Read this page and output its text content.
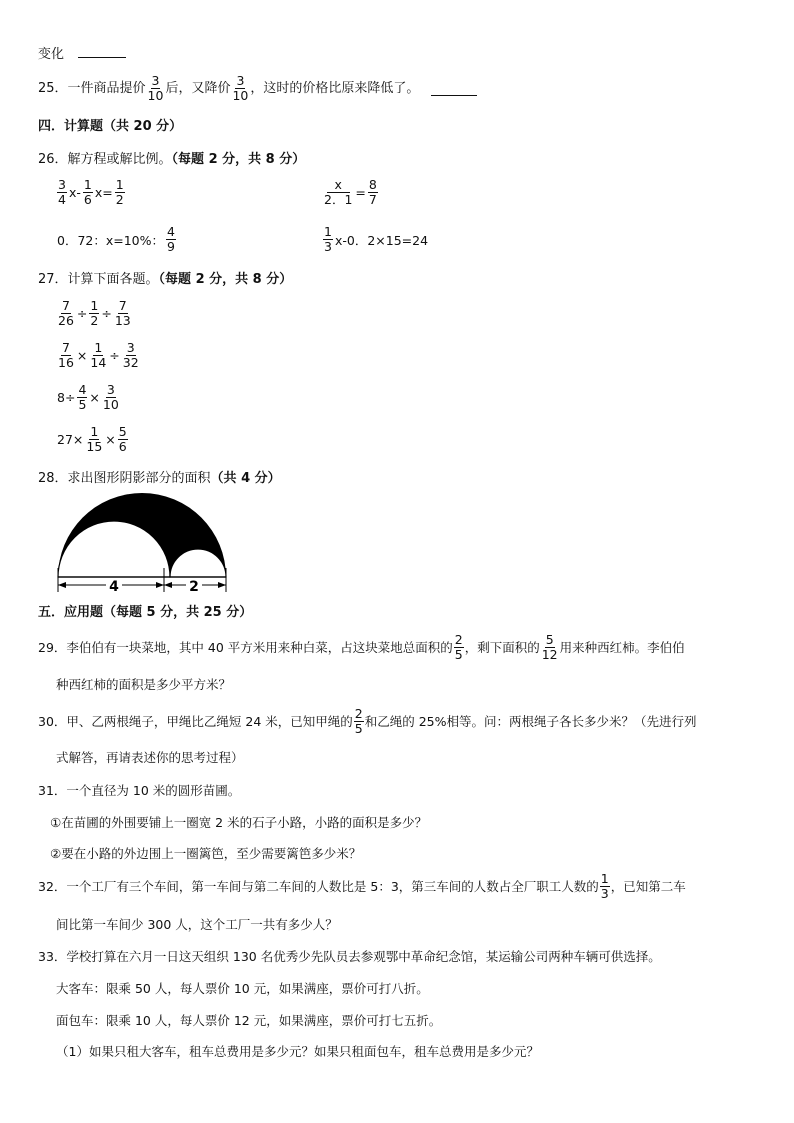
变化
25．一件商品提价 $\frac{3}{10}$ 后，又降价 $\frac{3}{10}$ ，这时的价格比原来降低了。
四．计算题（共 20 分）
26．解方程或解比例。（每题 2 分，共 8 分）
$\frac{3}{4} x- \frac{1}{6} x= \frac{1}{2}$	$\frac{x}{2.1} = \frac{8}{7}$
0．72：x=10%： $\frac{4}{9}$	$\frac{1}{3} x-0$．2×15=24
27．计算下面各题。（每题 2 分，共 8 分）
$\frac{7}{26} \div \frac{1}{2} \div \frac{7}{13}$
$\frac{7}{16} \times \frac{1}{14} \div \frac{3}{32}$
$8\div \frac{4}{5} \times \frac{3}{10}$
$27\times \frac{1}{15} \times \frac{5}{6}$
28．求出图形阴影部分的面积（共 4 分）
4	2
五．应用题（每题 5 分，共 25 分）
29．李伯伯有一块菜地，其中 40 平方米用来种白菜，占这块菜地总面积的 $\frac{2}{5}$ ，剩下面积的 $\frac{5}{12}$ 用来种西红柿。李伯伯
种西红柿的面积是多少平方米？
30．甲、乙两根绳子，甲绳比乙绳短 24 米，已知甲绳的 $\frac{2}{5}$ 和乙绳的 25%相等。问：两根绳子各长多少米？（先进行列
式解答，再请表述你的思考过程）
31．一个直径为 10 米的圆形苗圃。
①在苗圃的外围要铺上一圈宽 2 米的石子小路，小路的面积是多少？
②要在小路的外边围上一圈篱笆，至少需要篱笆多少米？
32．一个工厂有三个车间，第一车间与第二车间的人数比是 5：3，第三车间的人数占全厂职工人数的 $\frac{1}{3}$ ，已知第二车
间比第一车间少 300 人，这个工厂一共有多少人？
33．学校打算在六月一日这天组织 130 名优秀少先队员去参观鄂中革命纪念馆，某运输公司两种车辆可供选择。
大客车：限乘 50 人，每人票价 10 元，如果满座，票价可打八折。
面包车：限乘 10 人，每人票价 12 元，如果满座，票价可打七五折。
（1）如果只租大客车，租车总费用是多少元？如果只租面包车，租车总费用是多少元？
